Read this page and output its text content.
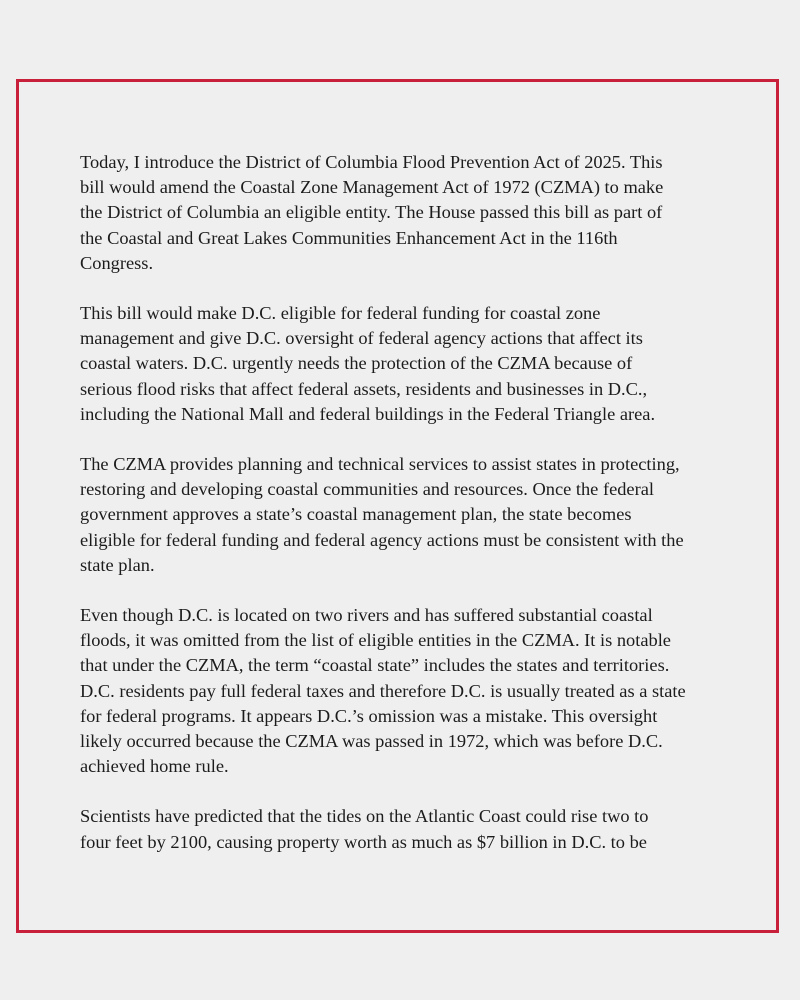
Today, I introduce the District of Columbia Flood Prevention Act of 2025. This
bill would amend the Coastal Zone Management Act of 1972 (CZMA) to make
the District of Columbia an eligible entity. The House passed this bill as part of
the Coastal and Great Lakes Communities Enhancement Act in the 116th
Congress.

This bill would make D.C. eligible for federal funding for coastal zone
management and give D.C. oversight of federal agency actions that affect its
coastal waters. D.C. urgently needs the protection of the CZMA because of
serious flood risks that affect federal assets, residents and businesses in D.C.,
including the National Mall and federal buildings in the Federal Triangle area.

The CZMA provides planning and technical services to assist states in protecting,
restoring and developing coastal communities and resources. Once the federal
government approves a state’s coastal management plan, the state becomes
eligible for federal funding and federal agency actions must be consistent with the
state plan.

Even though D.C. is located on two rivers and has suffered substantial coastal
floods, it was omitted from the list of eligible entities in the CZMA. It is notable
that under the CZMA, the term “coastal state” includes the states and territories.
D.C. residents pay full federal taxes and therefore D.C. is usually treated as a state
for federal programs. It appears D.C.’s omission was a mistake. This oversight
likely occurred because the CZMA was passed in 1972, which was before D.C.
achieved home rule.

Scientists have predicted that the tides on the Atlantic Coast could rise two to
four feet by 2100, causing property worth as much as $7 billion in D.C. to be
